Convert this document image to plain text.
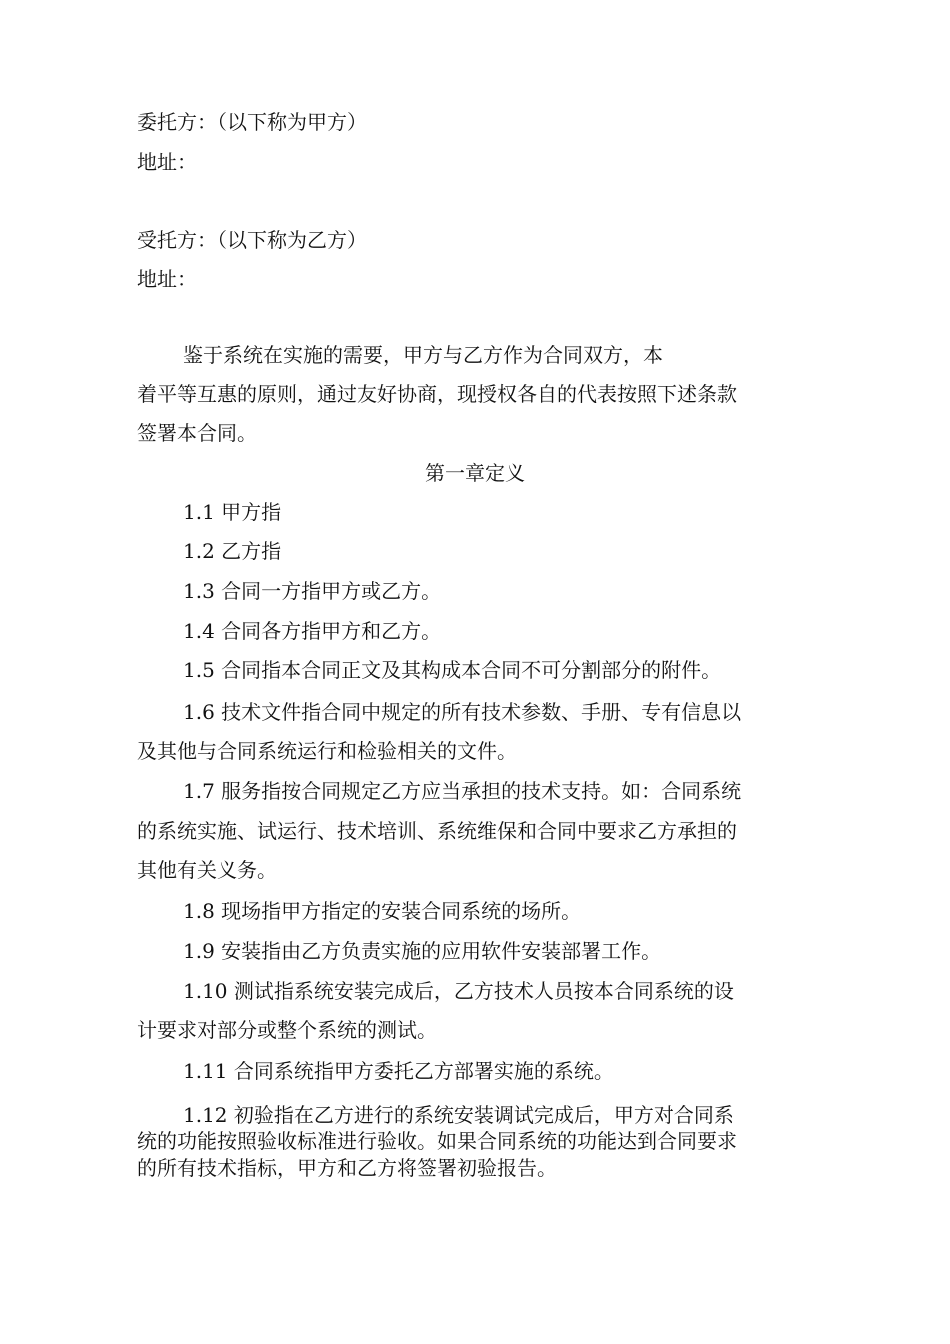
委托方：（以下称为甲方）
地址：
受托方：（以下称为乙方）
地址：
鉴于系统在实施的需要，甲方与乙方作为合同双方，本
着平等互惠的原则，通过友好协商，现授权各自的代表按照下述条款
签署本合同。
第一章定义
1.1 甲方指
1.2 乙方指
1.3 合同一方指甲方或乙方。
1.4 合同各方指甲方和乙方。
1.5 合同指本合同正文及其构成本合同不可分割部分的附件。
1.6 技术文件指合同中规定的所有技术参数、手册、专有信息以
及其他与合同系统运行和检验相关的文件。
1.7 服务指按合同规定乙方应当承担的技术支持。如：合同系统
的系统实施、试运行、技术培训、系统维保和合同中要求乙方承担的
其他有关义务。
1.8 现场指甲方指定的安装合同系统的场所。
1.9 安装指由乙方负责实施的应用软件安装部署工作。
1.10 测试指系统安装完成后，乙方技术人员按本合同系统的设
计要求对部分或整个系统的测试。
1.11 合同系统指甲方委托乙方部署实施的系统。
1.12 初验指在乙方进行的系统安装调试完成后，甲方对合同系
统的功能按照验收标准进行验收。如果合同系统的功能达到合同要求
的所有技术指标，甲方和乙方将签署初验报告。
